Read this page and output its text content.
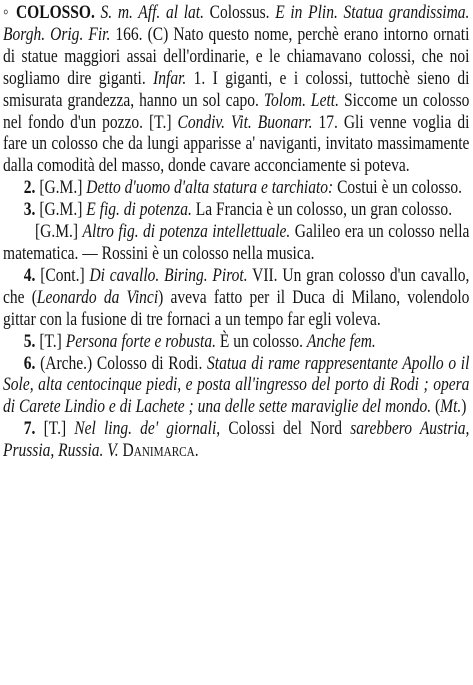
◦ COLOSSO. S. m. Aff. al lat. Colossus. E in Plin. Statua grandissima. Borgh. Orig. Fir. 166. (C) Nato questo nome, perchè erano intorno ornati di statue maggiori assai dell'ordinarie, e le chiamavano colossi, che noi sogliamo dire giganti. Infar. 1. I giganti, e i colossi, tuttochè sieno di smisurata grandezza, hanno un sol capo. Tolom. Lett. Siccome un colosso nel fondo d'un pozzo. [T.] Condiv. Vit. Buonarr. 17. Gli venne voglia di fare un colosso che da lungi apparisse a' naviganti, invitato massimamente dalla comodità del masso, donde cavare acconciamente si poteva.

2. [G.M.] Detto d'uomo d'alta statura e tarchiato: Costui è un colosso.

3. [G.M.] E fig. di potenza. La Francia è un colosso, un gran colosso.

[G.M.] Altro fig. di potenza intellettuale. Galileo era un colosso nella matematica. — Rossini è un colosso nella musica.

4. [Cont.] Di cavallo. Biring. Pirot. VII. Un gran colosso d'un cavallo, che (Leonardo da Vinci) aveva fatto per il Duca di Milano, volendolo gittar con la fusione di tre fornaci a un tempo far egli voleva.

5. [T.] Persona forte e robusta. È un colosso. Anche fem.

6. (Arche.) Colosso di Rodi. Statua di rame rappresentante Apollo o il Sole, alta centocinque piedi, e posta all'ingresso del porto di Rodi ; opera di Carete Lindio e di Lachete ; una delle sette maraviglie del mondo. (Mt.)

7. [T.] Nel ling. de' giornali, Colossi del Nord sarebbero Austria, Prussia, Russia. V. Danimarca.
